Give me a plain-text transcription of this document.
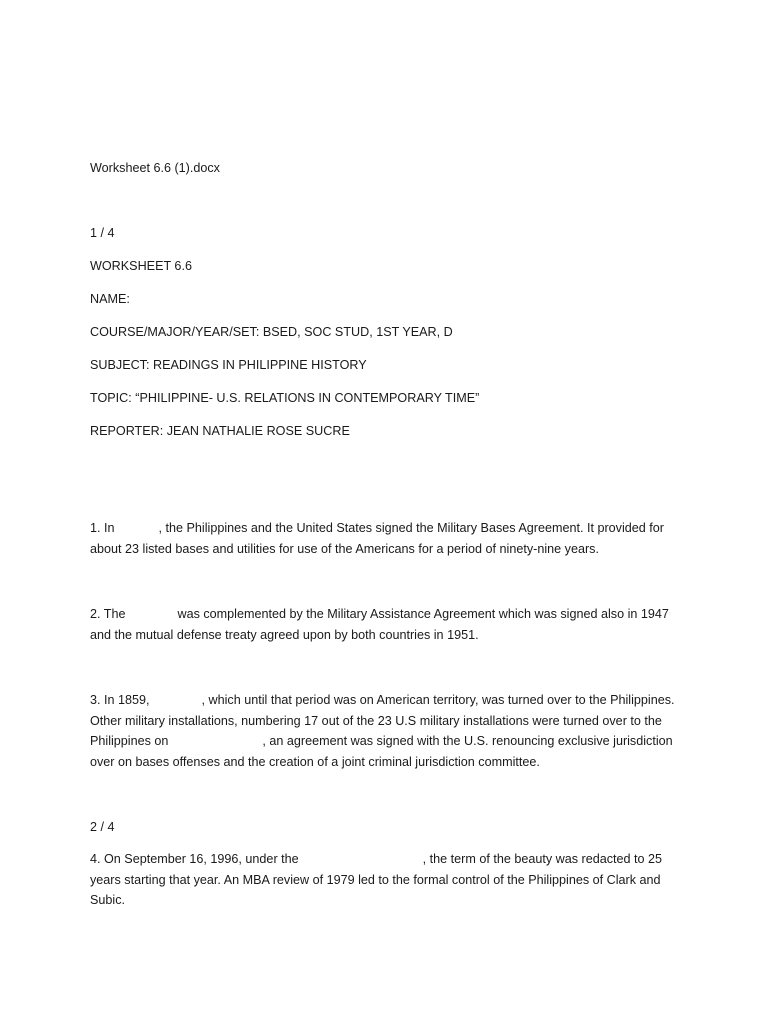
Worksheet 6.6 (1).docx
1 / 4
WORKSHEET 6.6
NAME:
COURSE/MAJOR/YEAR/SET: BSED, SOC STUD, 1ST YEAR, D
SUBJECT: READINGS IN PHILIPPINE HISTORY
TOPIC: “PHILIPPINE- U.S. RELATIONS IN CONTEMPORARY TIME”
REPORTER: JEAN NATHALIE ROSE SUCRE
1. In	, the Philippines and the United States signed the Military Bases Agreement. It provided for about 23 listed bases and utilities for use of the Americans for a period of ninety-nine years.
2. The	was complemented by the Military Assistance Agreement which was signed also in 1947 and the mutual defense treaty agreed upon by both countries in 1951.
3. In 1859,	, which until that period was on American territory, was turned over to the Philippines. Other military installations, numbering 17 out of the 23 U.S military installations were turned over to the Philippines on	, an agreement was signed with the U.S. renouncing exclusive jurisdiction over on bases offenses and the creation of a joint criminal jurisdiction committee.
2 / 4
4. On September 16, 1996, under the	, the term of the beauty was redacted to 25 years starting that year. An MBA review of 1979 led to the formal control of the Philippines of Clark and Subic.
